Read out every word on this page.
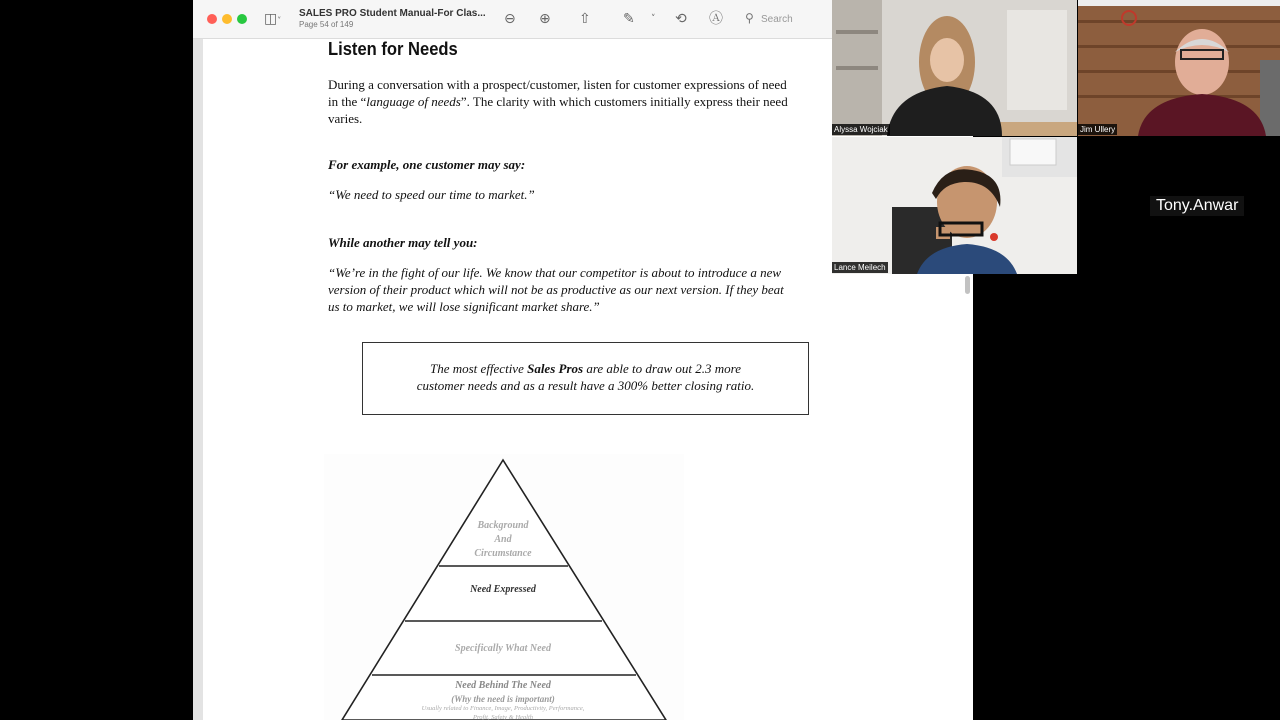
◫˅
SALES PRO Student Manual-For Clas...
Page 54 of 149	⊖ ⊕ ⇧ ✎ ˅ ⟲ Ⓐ ⚲ Search
Listen for Needs
During a conversation with a prospect/customer, listen for customer expressions of need
in the “language of needs”. The clarity with which customers initially express their need
varies.
For example, one customer may say:
“We need to speed our time to market.”
While another may tell you:
“We’re in the fight of our life. We know that our competitor is about to introduce a new
version of their product which will not be as productive as our next version. If they beat
us to market, we will lose significant market share.”
The most effective Sales Pros are able to draw out 2.3 more
customer needs and as a result have a 300% better closing ratio.
Background
And
Circumstance
Need Expressed
Specifically What Need
Need Behind The Need
(Why the need is important)
Usually related to Finance, Image, Productivity, Performance,
Profit, Safety & Health
Alyssa Wojciak	Jim Ullery
Lance Meilech
Tony.Anwar
